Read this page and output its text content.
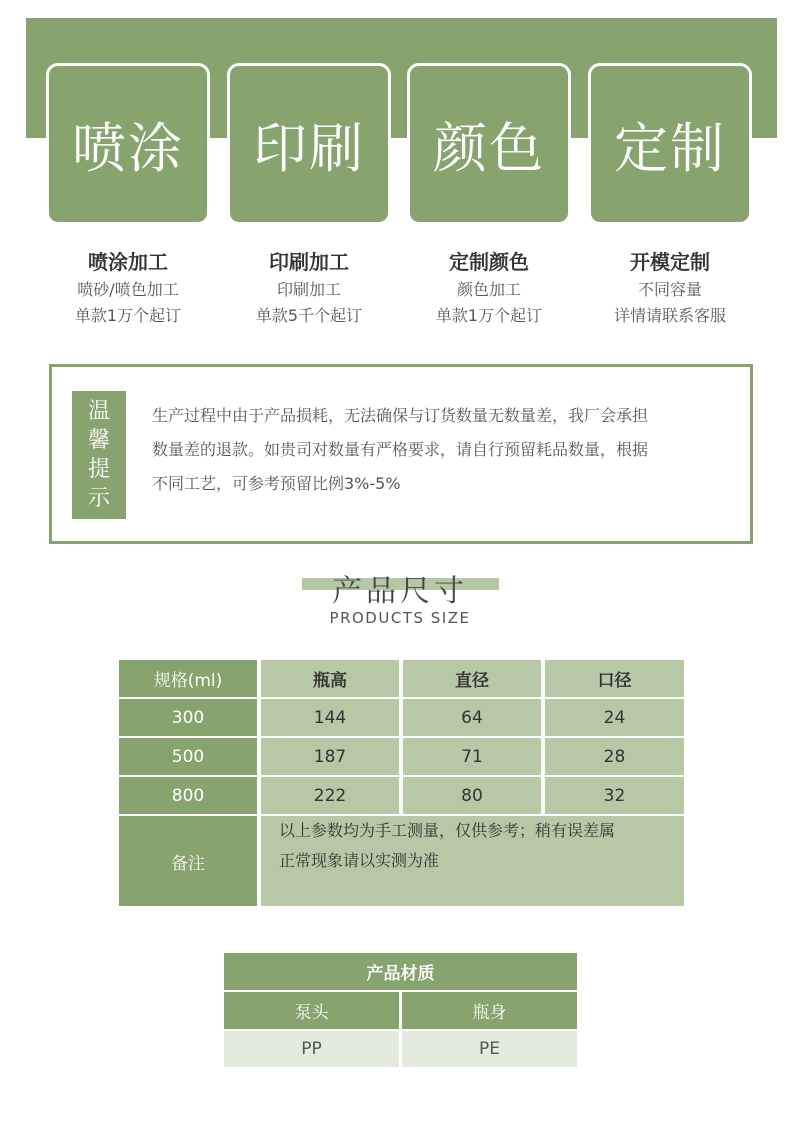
喷涂 印刷 颜色 定制
喷涂加工
喷砂/喷色加工
单款1万个起订
印刷加工
印刷加工
单款5千个起订
定制颜色
颜色加工
单款1万个起订
开模定制
不同容量
详情请联系客服
温
馨
提
示
生产过程中由于产品损耗，无法确保与订货数量无数量差，我厂会承担
数量差的退款。如贵司对数量有严格要求，请自行预留耗品数量，根据
不同工艺，可参考预留比例3%-5%
产品尺寸
PRODUCTS SIZE
规格(ml)	瓶高	直径	口径
300	144	64	24
500	187	71	28
800	222	80	32
备注
以上参数均为手工测量，仅供参考；稍有误差属
正常现象请以实测为准
产品材质
泵头	瓶身
PP	PE
